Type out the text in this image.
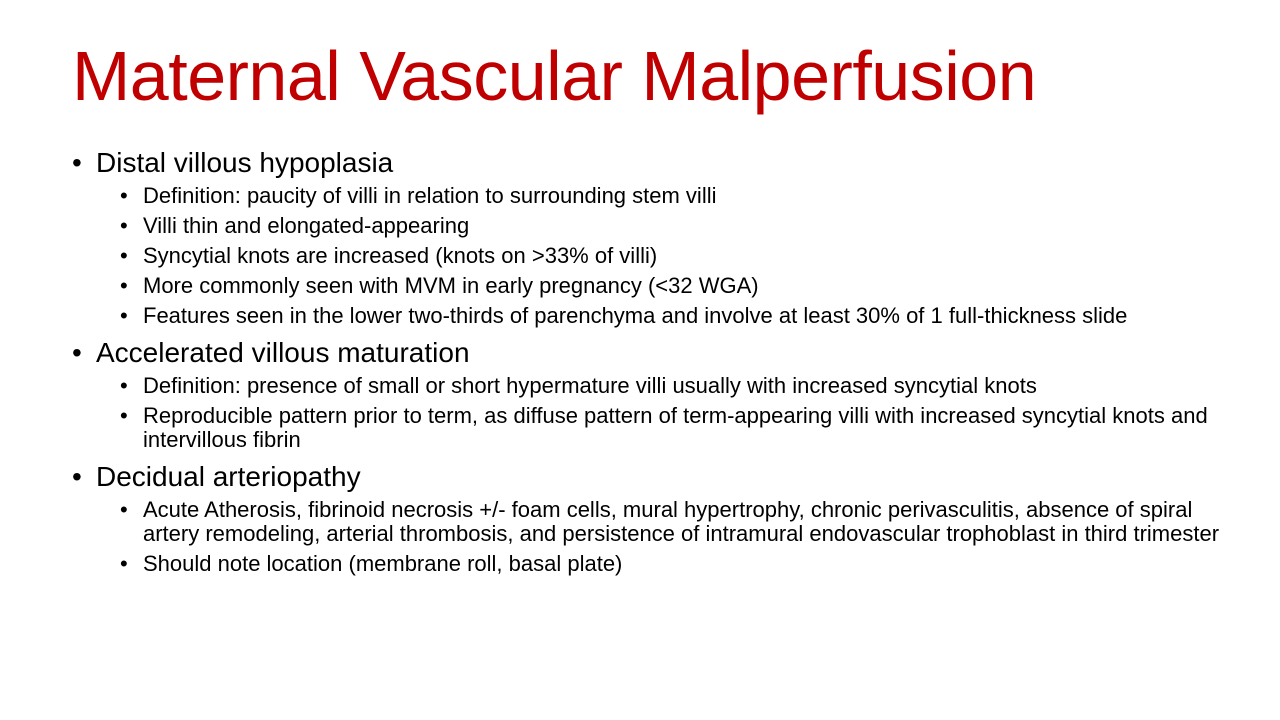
Maternal Vascular Malperfusion
• Distal villous hypoplasia
• Definition: paucity of villi in relation to surrounding stem villi
• Villi thin and elongated-appearing
• Syncytial knots are increased (knots on >33% of villi)
• More commonly seen with MVM in early pregnancy (<32 WGA)
• Features seen in the lower two-thirds of parenchyma and involve at least 30% of 1 full-thickness slide
• Accelerated villous maturation
• Definition: presence of small or short hypermature villi usually with increased syncytial knots
• Reproducible pattern prior to term, as diffuse pattern of term-appearing villi with increased syncytial knots and intervillous fibrin
• Decidual arteriopathy
• Acute Atherosis, fibrinoid necrosis +/- foam cells, mural hypertrophy, chronic perivasculitis, absence of spiral artery remodeling, arterial thrombosis, and persistence of intramural endovascular trophoblast in third trimester
• Should note location (membrane roll, basal plate)
